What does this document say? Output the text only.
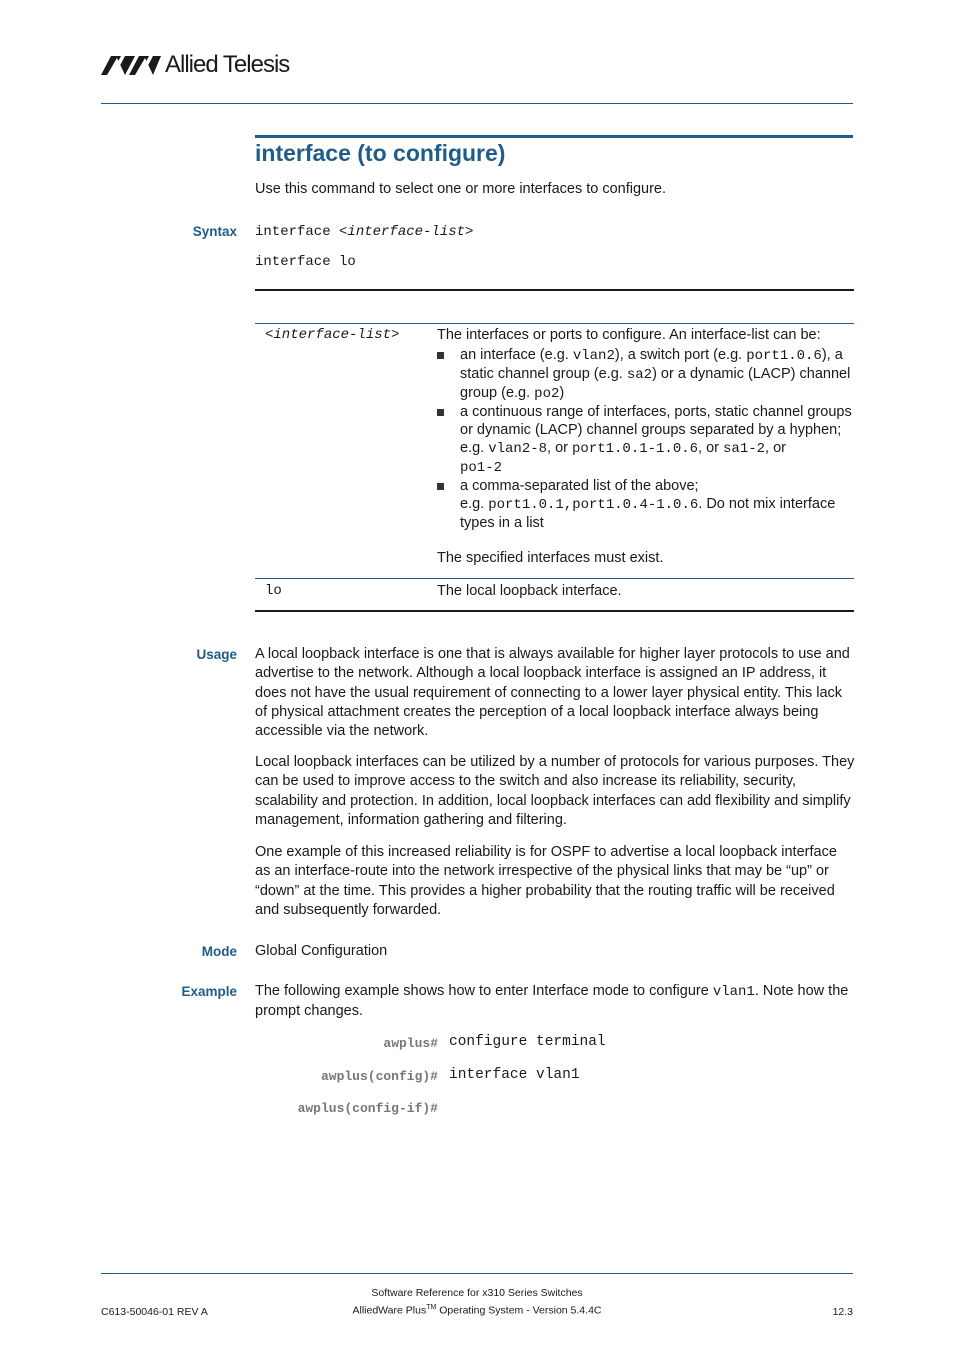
Allied Telesis
interface (to configure)
Use this command to select one or more interfaces to configure.
Syntax interface <interface-list>
interface lo
<interface-list>	The interfaces or ports to configure. An interface-list can be:
an interface (e.g. vlan2), a switch port (e.g. port1.0.6), a static channel group (e.g. sa2) or a dynamic (LACP) channel group (e.g. po2)
a continuous range of interfaces, ports, static channel groups or dynamic (LACP) channel groups separated by a hyphen;
e.g. vlan2-8, or port1.0.1-1.0.6, or sa1-2, or
po1-2
a comma-separated list of the above;
e.g. port1.0.1,port1.0.4-1.0.6. Do not mix interface types in a list
The specified interfaces must exist.
lo	The local loopback interface.
Usage A local loopback interface is one that is always available for higher layer protocols to use and advertise to the network. Although a local loopback interface is assigned an IP address, it does not have the usual requirement of connecting to a lower layer physical entity. This lack of physical attachment creates the perception of a local loopback interface always being accessible via the network.
Local loopback interfaces can be utilized by a number of protocols for various purposes. They can be used to improve access to the switch and also increase its reliability, security, scalability and protection. In addition, local loopback interfaces can add flexibility and simplify management, information gathering and filtering.
One example of this increased reliability is for OSPF to advertise a local loopback interface as an interface-route into the network irrespective of the physical links that may be “up” or “down” at the time. This provides a higher probability that the routing traffic will be received and subsequently forwarded.
Mode Global Configuration
Example The following example shows how to enter Interface mode to configure vlan1. Note how the prompt changes.
awplus# configure terminal
awplus(config)# interface vlan1
awplus(config-if)#
C613-50046-01 REV A
Software Reference for x310 Series Switches
AlliedWare Plus™ Operating System - Version 5.4.4C	12.3
